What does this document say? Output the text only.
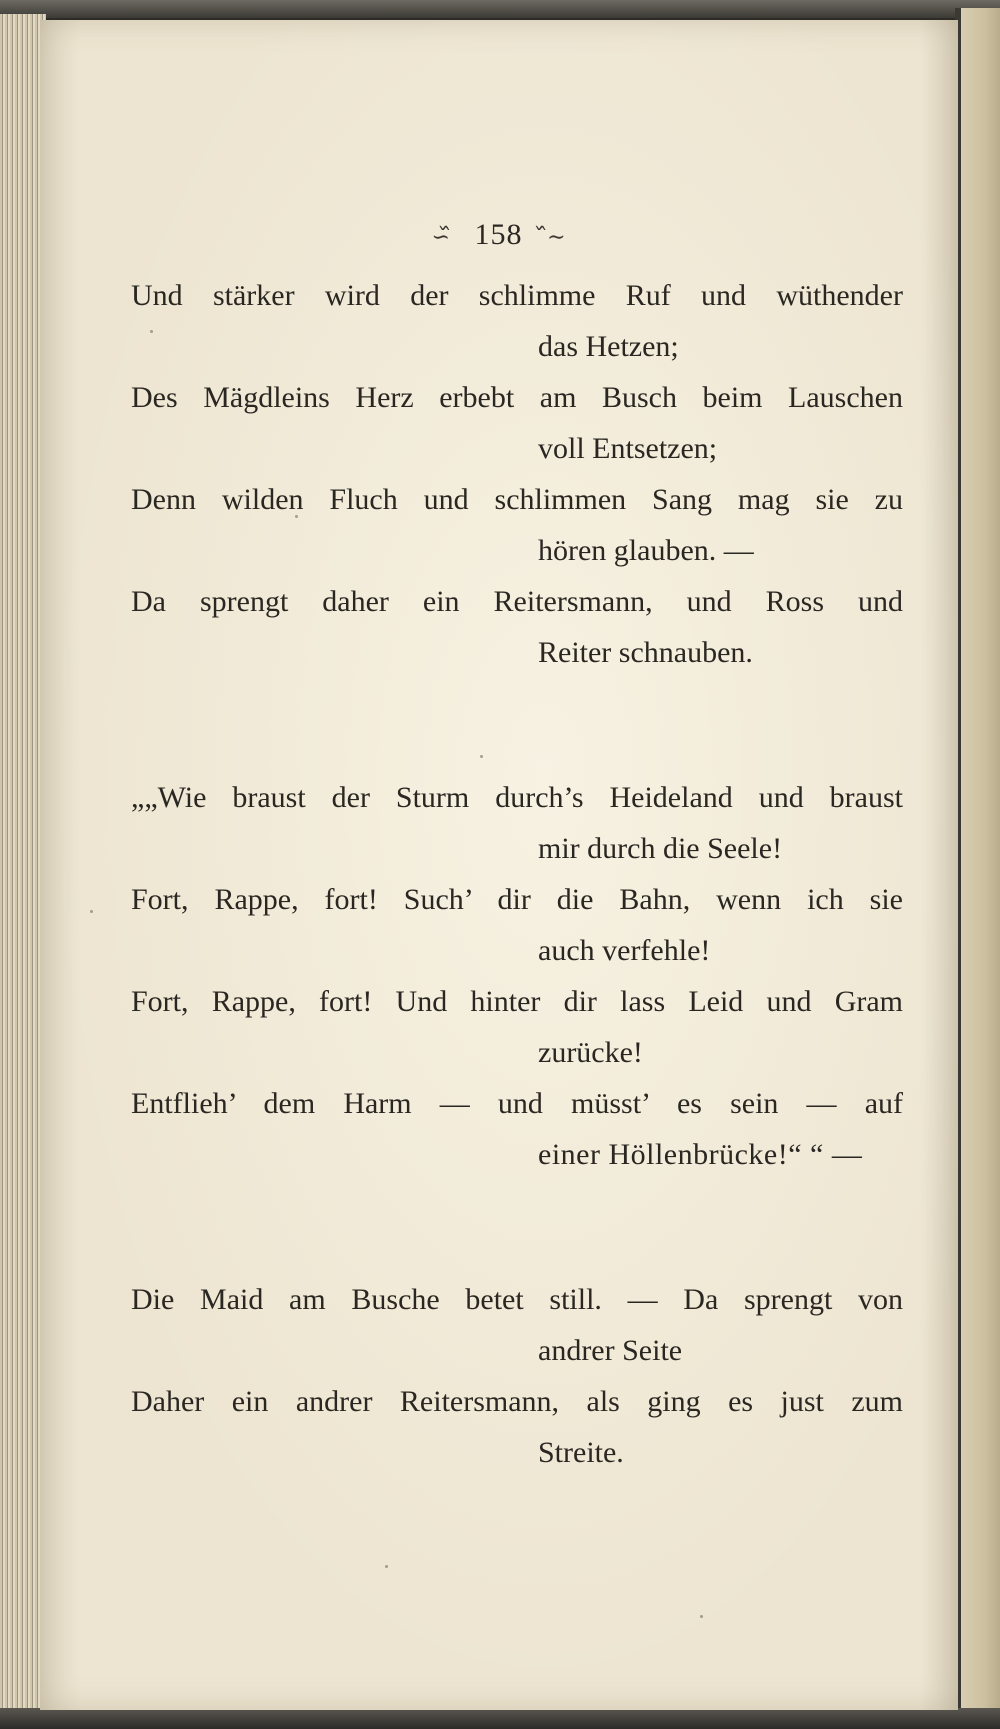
∽᷈ 158 ᷈∼
Und stärker wird der schlimme Ruf und wüthender
das Hetzen;
Des Mägdleins Herz erbebt am Busch beim Lauschen
voll Entsetzen;
Denn wilden Fluch und schlimmen Sang mag sie zu
hören glauben. —
Da sprengt daher ein Reitersmann, und Ross und
Reiter schnauben.
„„Wie braust der Sturm durch’s Heideland und braust
mir durch die Seele!
Fort, Rappe, fort! Such’ dir die Bahn, wenn ich sie
auch verfehle!
Fort, Rappe, fort! Und hinter dir lass Leid und Gram
zurücke!
Entflieh’ dem Harm — und müsst’ es sein — auf
einer Höllenbrücke!“ “ —
Die Maid am Busche betet still. — Da sprengt von
andrer Seite
Daher ein andrer Reitersmann, als ging es just zum
Streite.
